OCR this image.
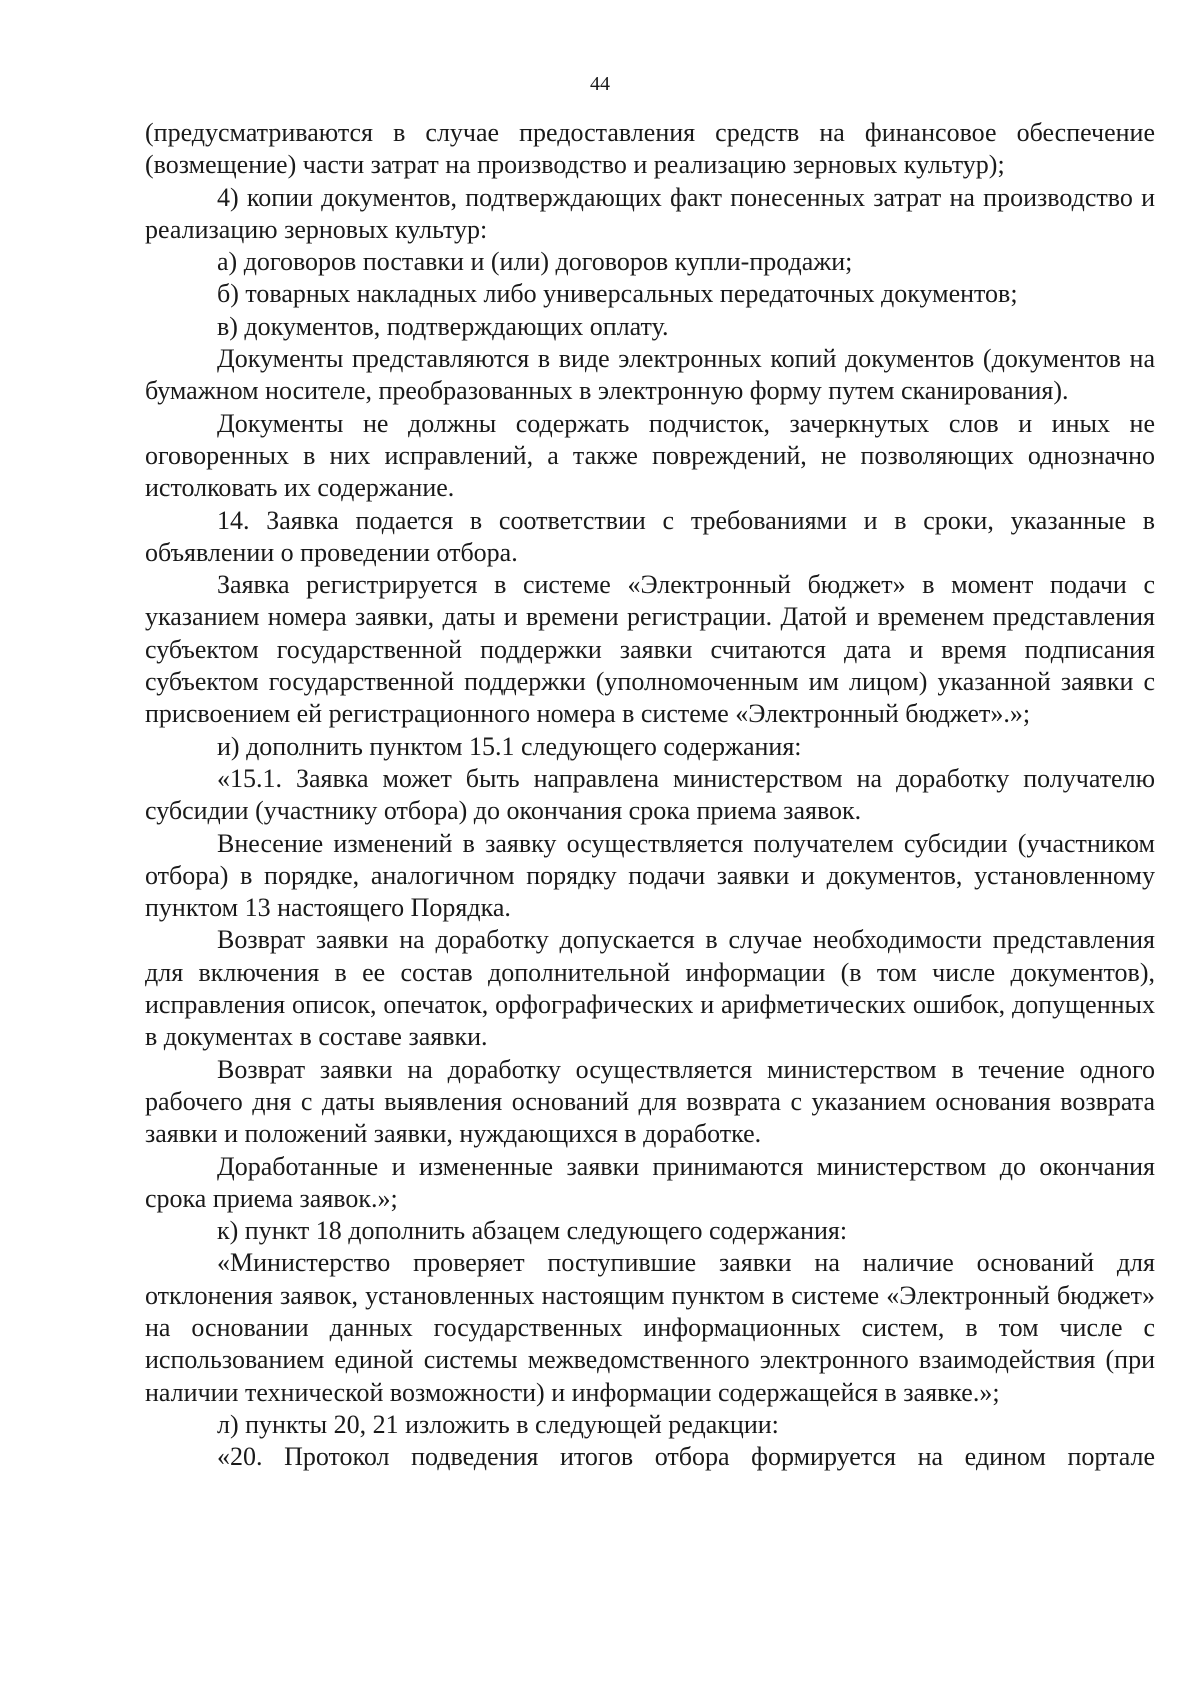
44

(предусматриваются в случае предоставления средств на финансовое обеспечение (возмещение) части затрат на производство и реализацию зерновых культур);

4) копии документов, подтверждающих факт понесенных затрат на производство и реализацию зерновых культур:

а) договоров поставки и (или) договоров купли-продажи;

б) товарных накладных либо универсальных передаточных документов;

в) документов, подтверждающих оплату.

Документы представляются в виде электронных копий документов (документов на бумажном носителе, преобразованных в электронную форму путем сканирования).

Документы не должны содержать подчисток, зачеркнутых слов и иных не оговоренных в них исправлений, а также повреждений, не позволяющих однозначно истолковать их содержание.

14. Заявка подается в соответствии с требованиями и в сроки, указанные в объявлении о проведении отбора.

Заявка регистрируется в системе «Электронный бюджет» в момент подачи с указанием номера заявки, даты и времени регистрации. Датой и временем представления субъектом государственной поддержки заявки считаются дата и время подписания субъектом государственной поддержки (уполномоченным им лицом) указанной заявки с присвоением ей регистрационного номера в системе «Электронный бюджет».»;

и) дополнить пунктом 15.1 следующего содержания:

«15.1. Заявка может быть направлена министерством на доработку получателю субсидии (участнику отбора) до окончания срока приема заявок.

Внесение изменений в заявку осуществляется получателем субсидии (участником отбора) в порядке, аналогичном порядку подачи заявки и документов, установленному пунктом 13 настоящего Порядка.

Возврат заявки на доработку допускается в случае необходимости представления для включения в ее состав дополнительной информации (в том числе документов), исправления описок, опечаток, орфографических и арифметических ошибок, допущенных в документах в составе заявки.

Возврат заявки на доработку осуществляется министерством в течение одного рабочего дня с даты выявления оснований для возврата с указанием основания возврата заявки и положений заявки, нуждающихся в доработке.

Доработанные и измененные заявки принимаются министерством до окончания срока приема заявок.»;

к) пункт 18 дополнить абзацем следующего содержания:

«Министерство проверяет поступившие заявки на наличие оснований для отклонения заявок, установленных настоящим пунктом в системе «Электронный бюджет» на основании данных государственных информационных систем, в том числе с использованием единой системы межведомственного электронного взаимодействия (при наличии технической возможности) и информации содержащейся в заявке.»;

л) пункты 20, 21 изложить в следующей редакции:

«20. Протокол подведения итогов отбора формируется на едином портале
